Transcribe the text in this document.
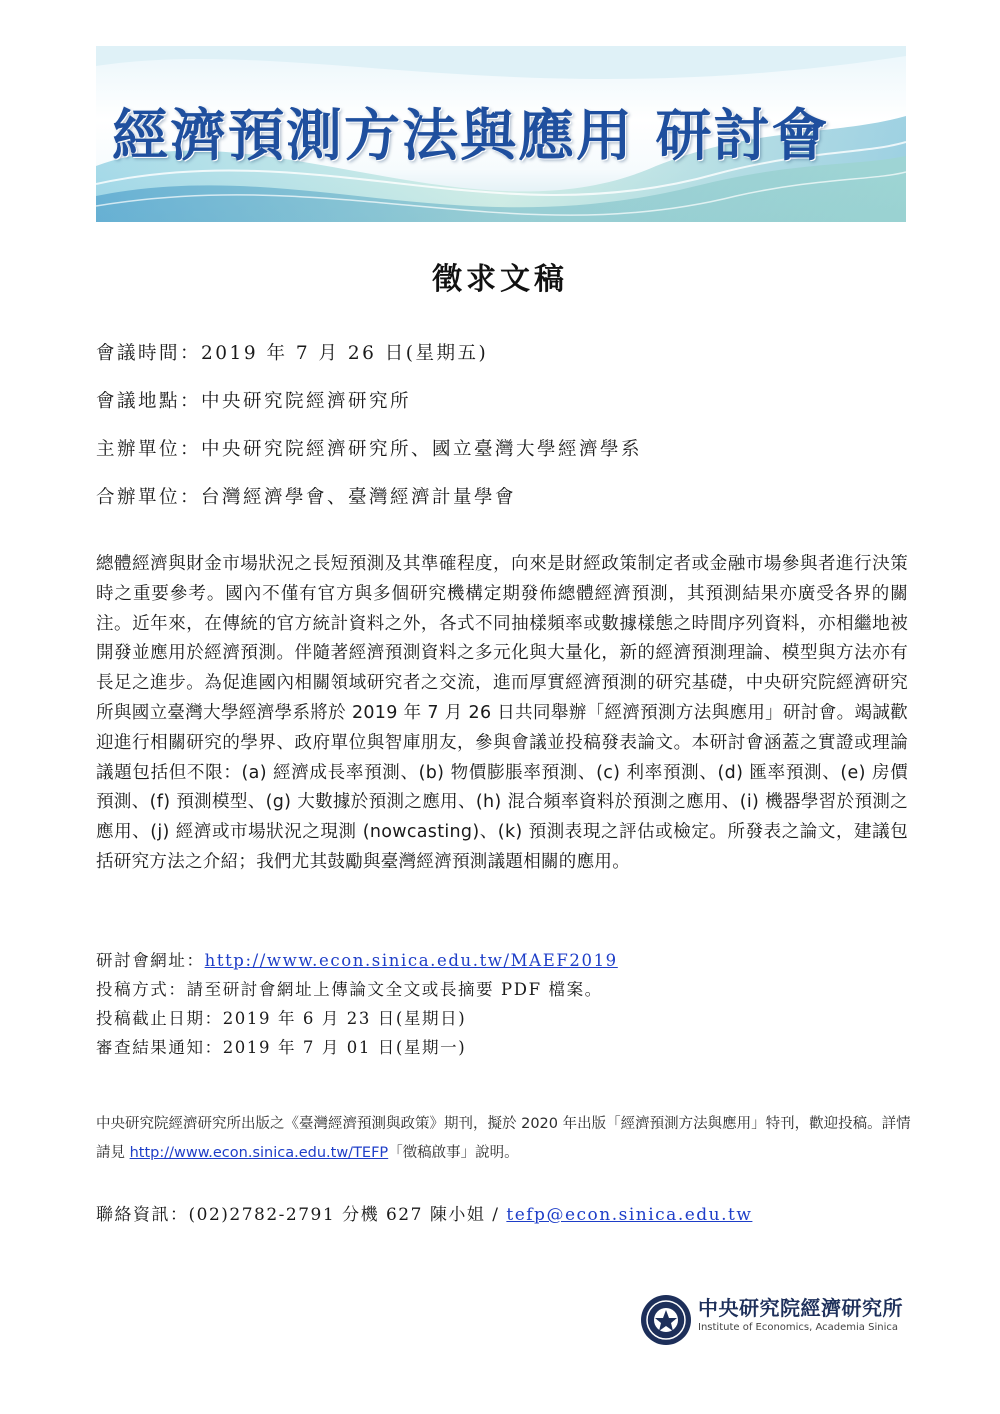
經濟預測方法與應用 研討會
徵求文稿
會議時間：2019 年 7 月 26 日(星期五)
會議地點：中央研究院經濟研究所
主辦單位：中央研究院經濟研究所、國立臺灣大學經濟學系
合辦單位：台灣經濟學會、臺灣經濟計量學會
總體經濟與財金市場狀況之長短預測及其準確程度，向來是財經政策制定者或金融市場參與者進行決策時之重要參考。國內不僅有官方與多個研究機構定期發佈總體經濟預測，其預測結果亦廣受各界的關注。近年來，在傳統的官方統計資料之外，各式不同抽樣頻率或數據樣態之時間序列資料，亦相繼地被開發並應用於經濟預測。伴隨著經濟預測資料之多元化與大量化，新的經濟預測理論、模型與方法亦有長足之進步。為促進國內相關領域研究者之交流，進而厚實經濟預測的研究基礎，中央研究院經濟研究所與國立臺灣大學經濟學系將於 2019 年 7 月 26 日共同舉辦「經濟預測方法與應用」研討會。竭誠歡迎進行相關研究的學界、政府單位與智庫朋友，參與會議並投稿發表論文。本研討會涵蓋之實證或理論議題包括但不限：(a) 經濟成長率預測、(b) 物價膨脹率預測、(c) 利率預測、(d) 匯率預測、(e) 房價預測、(f) 預測模型、(g) 大數據於預測之應用、(h) 混合頻率資料於預測之應用、(i) 機器學習於預測之應用、(j) 經濟或市場狀況之現測 (nowcasting)、(k) 預測表現之評估或檢定。所發表之論文，建議包括研究方法之介紹；我們尤其鼓勵與臺灣經濟預測議題相關的應用。
研討會網址：http://www.econ.sinica.edu.tw/MAEF2019
投稿方式：請至研討會網址上傳論文全文或長摘要 PDF 檔案。
投稿截止日期：2019 年 6 月 23 日(星期日)
審查結果通知：2019 年 7 月 01 日(星期一)
中央研究院經濟研究所出版之《臺灣經濟預測與政策》期刊，擬於 2020 年出版「經濟預測方法與應用」特刊，歡迎投稿。詳情請見 http://www.econ.sinica.edu.tw/TEFP「徵稿啟事」說明。
聯絡資訊：(02)2782-2791 分機 627 陳小姐 / tefp@econ.sinica.edu.tw
中央研究院經濟研究所
Institute of Economics, Academia Sinica
